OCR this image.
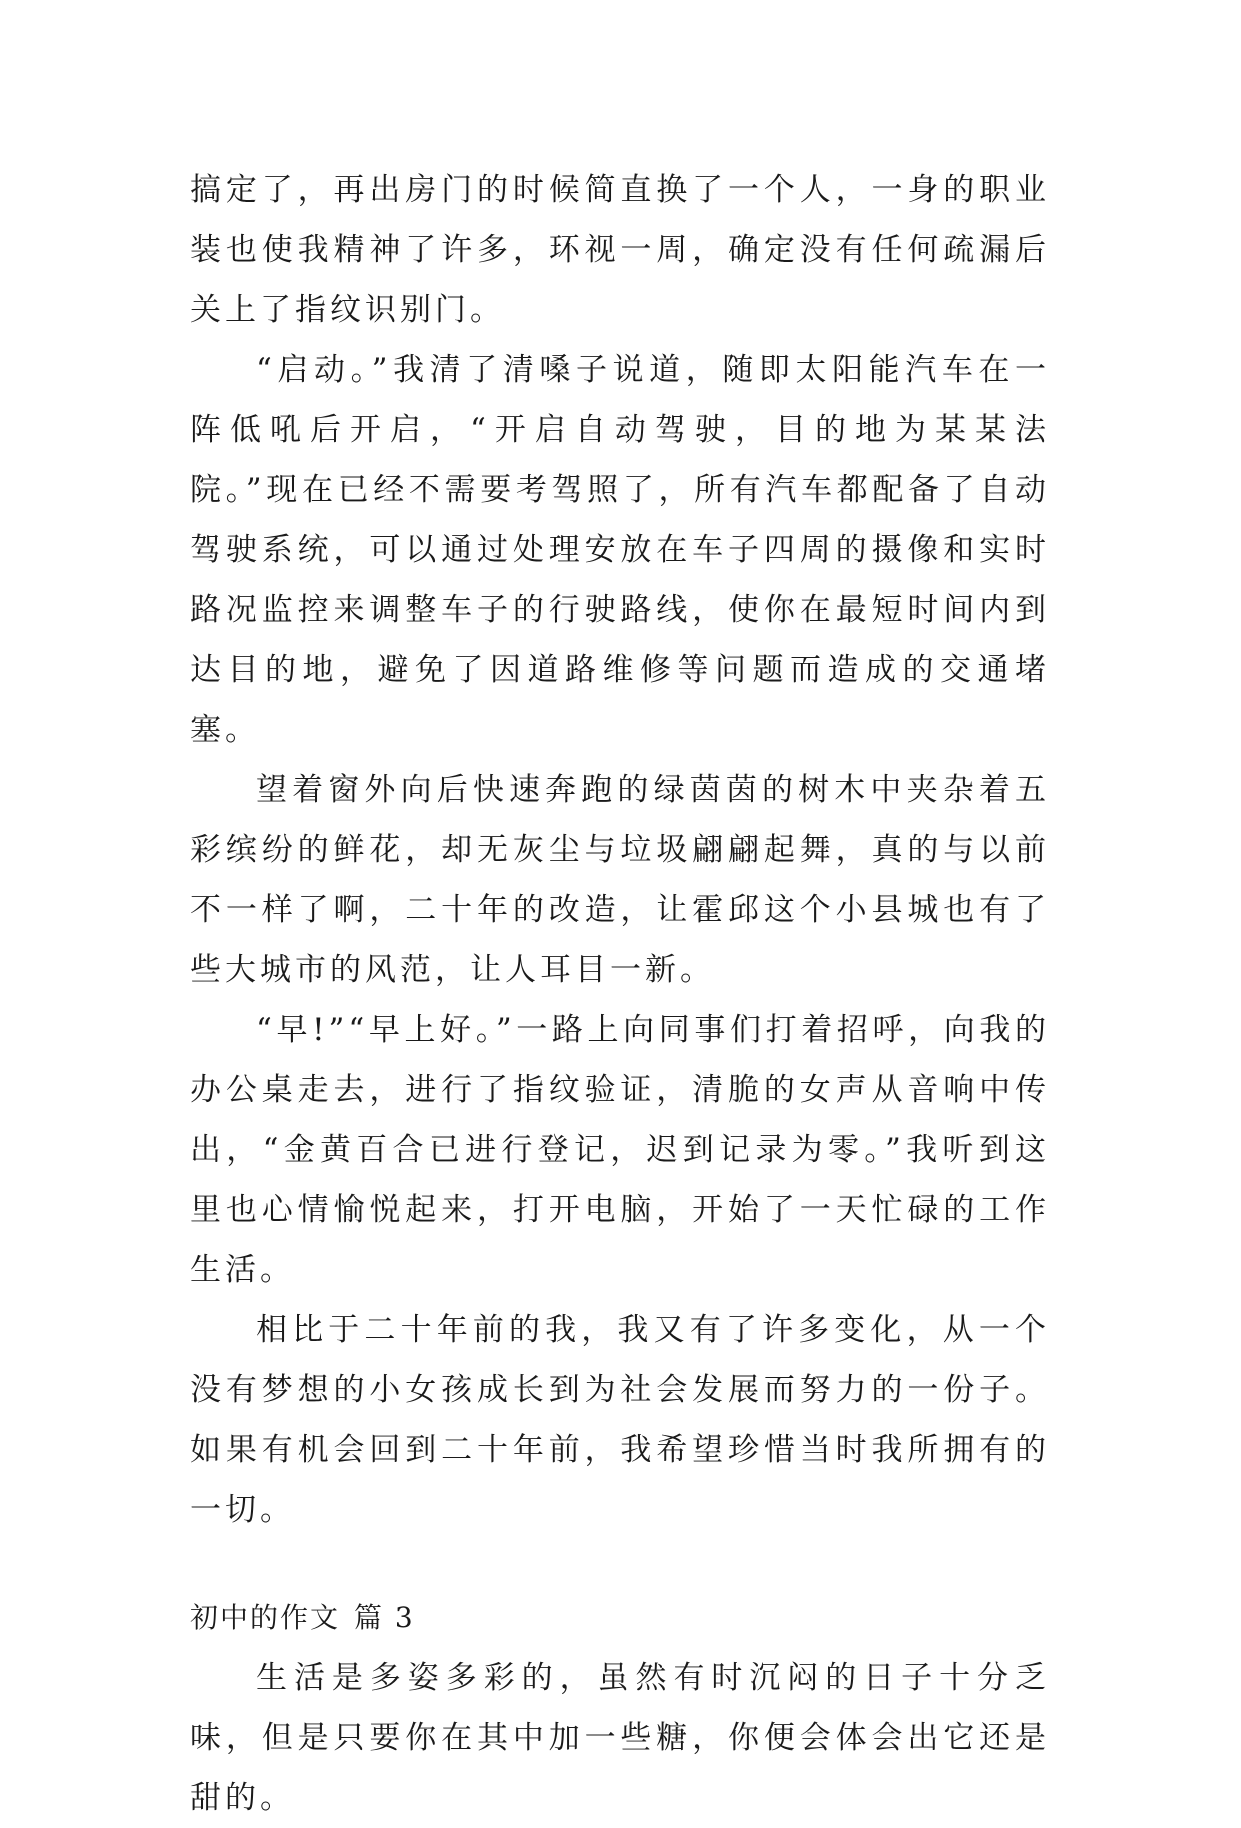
搞定了，再出房门的时候简直换了一个人，一身的职业装也使我精神了许多，环视一周，确定没有任何疏漏后关上了指纹识别门。

“启动。”我清了清嗓子说道，随即太阳能汽车在一阵低吼后开启，“开启自动驾驶，目的地为某某法院。”现在已经不需要考驾照了，所有汽车都配备了自动驾驶系统，可以通过处理安放在车子四周的摄像和实时路况监控来调整车子的行驶路线，使你在最短时间内到达目的地，避免了因道路维修等问题而造成的交通堵塞。

望着窗外向后快速奔跑的绿茵茵的树木中夹杂着五彩缤纷的鲜花，却无灰尘与垃圾翩翩起舞，真的与以前不一样了啊，二十年的改造，让霍邱这个小县城也有了些大城市的风范，让人耳目一新。

“早!”“早上好。”一路上向同事们打着招呼，向我的办公桌走去，进行了指纹验证，清脆的女声从音响中传出，“金黄百合已进行登记，迟到记录为零。”我听到这里也心情愉悦起来，打开电脑，开始了一天忙碌的工作生活。

相比于二十年前的我，我又有了许多变化，从一个没有梦想的小女孩成长到为社会发展而努力的一份子。如果有机会回到二十年前，我希望珍惜当时我所拥有的一切。

初中的作文 篇 3

生活是多姿多彩的，虽然有时沉闷的日子十分乏味，但是只要你在其中加一些糖，你便会体会出它还是甜的。
